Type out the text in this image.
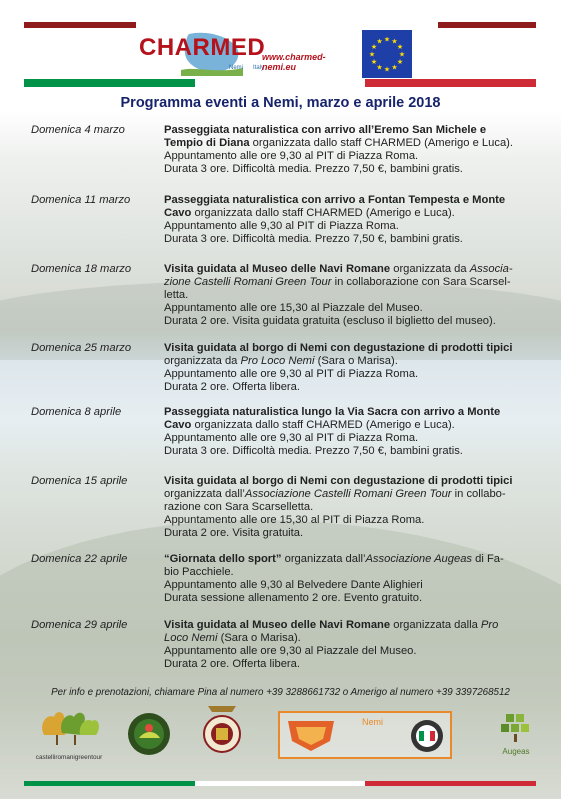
CHARMED
Nemi Italy
www.charmed-nemi.eu
★
★
★
★
★
★
★
★
★ ★ ★
★
Programma eventi a Nemi, marzo e aprile 2018
Domenica 4 marzo	Passeggiata naturalistica con arrivo all’Eremo San Michele e
Tempio di Diana organizzata dallo staff CHARMED (Amerigo e Luca).
Appuntamento alle ore 9,30 al PIT di Piazza Roma.
Durata 3 ore. Difficoltà media. Prezzo 7,50 €, bambini gratis.
Domenica 11 marzo	Passeggiata naturalistica con arrivo a Fontan Tempesta e Monte
Cavo organizzata dallo staff CHARMED (Amerigo e Luca).
Appuntamento alle 9,30 al PIT di Piazza Roma.
Durata 3 ore. Difficoltà media. Prezzo 7,50 €, bambini gratis.
Domenica 18 marzo	Visita guidata al Museo delle Navi Romane organizzata da Associa-
zione Castelli Romani Green Tour in collaborazione con Sara Scarsel-
letta.
Appuntamento alle ore 15,30 al Piazzale del Museo.
Durata 2 ore. Visita guidata gratuita (escluso il biglietto del museo).
Domenica 25 marzo	Visita guidata al borgo di Nemi con degustazione di prodotti tipici
organizzata da Pro Loco Nemi (Sara o Marisa).
Appuntamento alle ore 9,30 al PIT di Piazza Roma.
Durata 2 ore. Offerta libera.
Domenica 8 aprile	Passeggiata naturalistica lungo la Via Sacra con arrivo a Monte
Cavo organizzata dallo staff CHARMED (Amerigo e Luca).
Appuntamento alle ore 9,30 al PIT di Piazza Roma.
Durata 3 ore. Difficoltà media. Prezzo 7,50 €, bambini gratis.
Domenica 15 aprile	Visita guidata al borgo di Nemi con degustazione di prodotti tipici
organizzata dall’Associazione Castelli Romani Green Tour in collabo-
razione con Sara Scarselletta.
Appuntamento alle ore 15,30 al PIT di Piazza Roma.
Durata 2 ore. Visita gratuita.
Domenica 22 aprile	“Giornata dello sport” organizzata dall’Associazione Augeas di Fa-
bio Pacchiele.
Appuntamento alle 9,30 al Belvedere Dante Alighieri
Durata sessione allenamento 2 ore. Evento gratuito.
Domenica 29 aprile	Visita guidata al Museo delle Navi Romane organizzata dalla Pro
Loco Nemi (Sara o Marisa).
Appuntamento alle ore 9,30 al Piazzale del Museo.
Durata 2 ore. Offerta libera.
Per info e prenotazioni, chiamare Pina al numero +39 3288661732 o Amerigo al numero +39 3397268512
castelliromanigreentour
Nemi
Augeas
